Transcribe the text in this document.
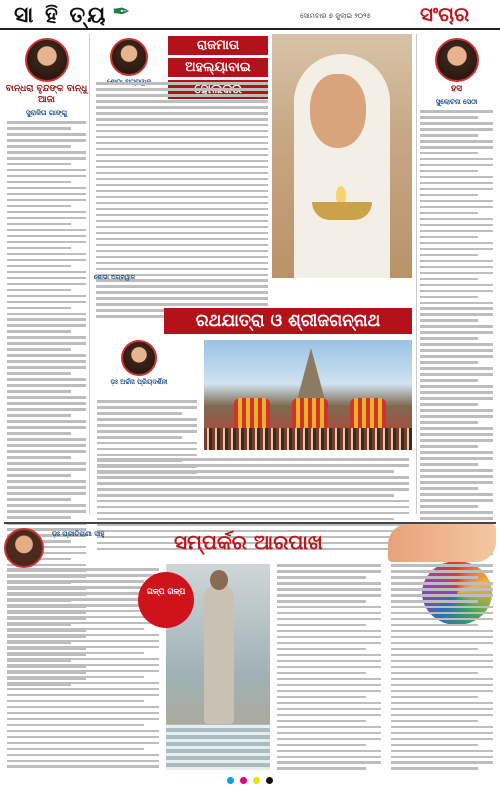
ସା ହି ତ୍ୟ ✒	ସୋମବାର ୭ ଜୁଲାଇ ୨୦୨୫ ସଂଚାର
ବାନ୍ଧରା ବୃନ୍ଦଙ୍କ ବାନ୍ଧୁ ଆଜା
ସୁରାଜିତା ଗାଙ୍ଗୁ
ରାଜମାତା
ଅହଲ୍ୟାବାଇ
ଶୋଭା ଅଗ୍ରୱାଳ
ରଥଯାତ୍ରା ଓ ଶ୍ରୀଜଗନ୍ନାଥ
ଡ଼ଃ ଅର୍ଚ୍ଚନା ପ୍ରିୟଦର୍ଶିନୀ
ହସ
ସୁଲୋଚନା ସେଠୀ
ଡ଼ଃ ପ୍ରୀତିରାଣୀ ସାହୁ	ସମ୍ପର୍କର ଆରପାଖ
ଗଳ୍ପ ଗଳ୍ପ
